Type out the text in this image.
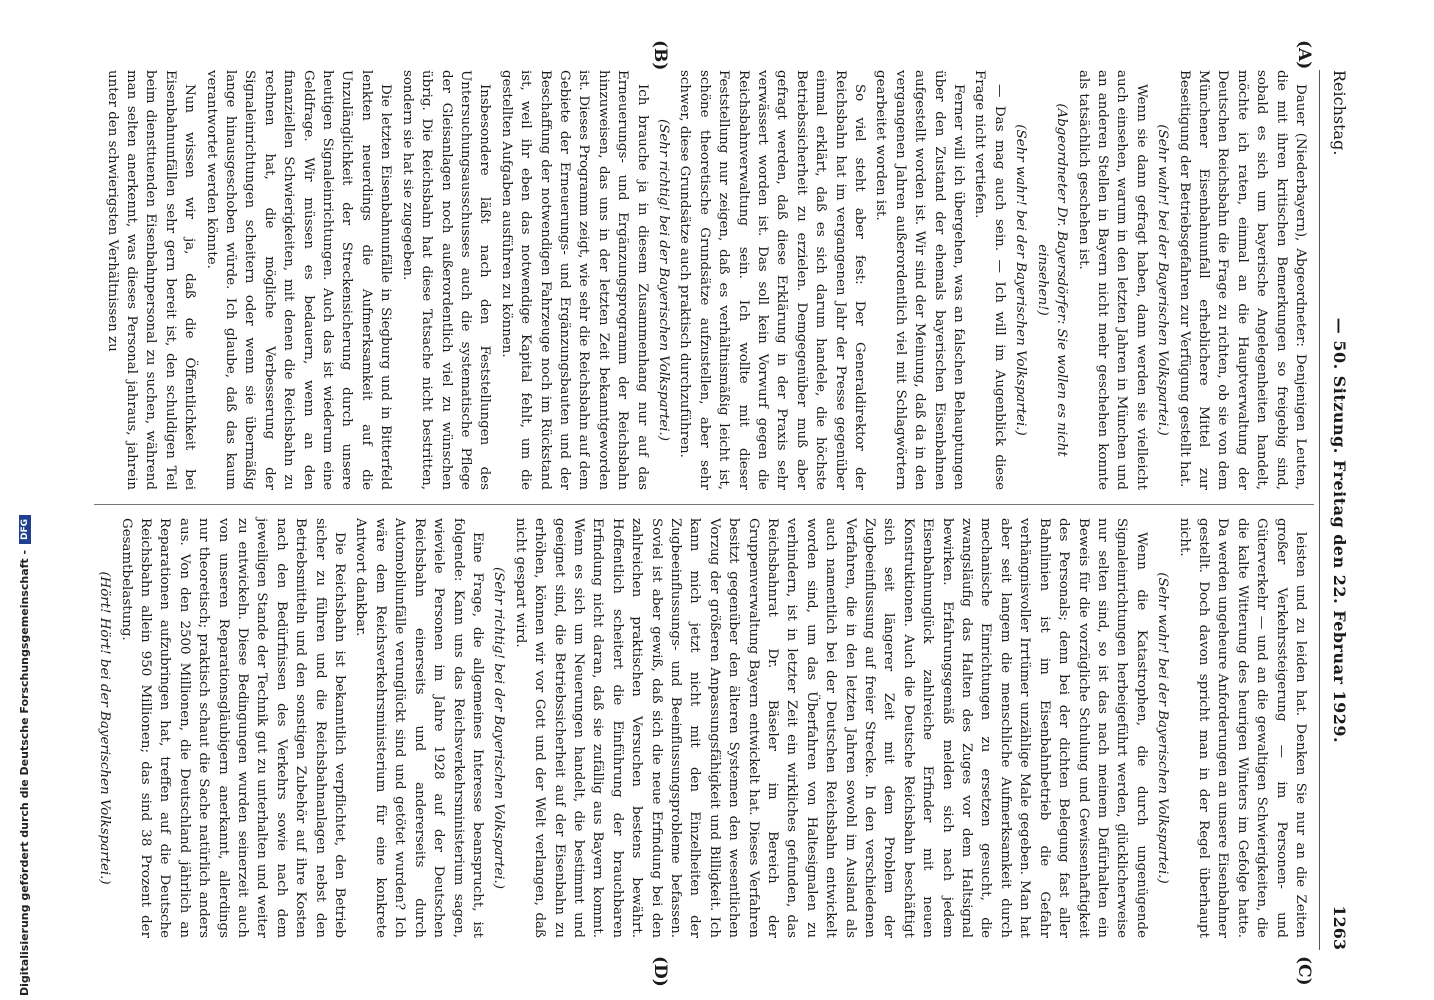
Reichstag.
— 50. Sitzung. Freitag den 22. Februar 1929.
1263
(A)
(B)
(C)
(D)

Dauer (Niederbayern), Abgeordneter: Denjenigen Leuten, die mit ihren kritischen Bemerkungen so freigebig sind, sobald es sich um bayerische Angelegenheiten handelt, möchte ich raten, einmal an die Hauptverwaltung der Deutschen Reichsbahn die Frage zu richten, ob sie von dem Münchener Eisenbahnunfall erheblichere Mittel zur Beseitigung der Betriebsgefahren zur Verfügung gestellt hat.

(Sehr wahr! bei der Bayerischen Volkspartei.)

Wenn sie dann gefragt haben, dann werden sie vielleicht auch einsehen, warum in den letzten Jahren in München und an anderen Stellen in Bayern nicht mehr geschehen konnte als tatsächlich geschehen ist.

(Abgeordneter Dr. Bayersdörfer: Sie wollen es nicht einsehen!)

(Sehr wahr! bei der Bayerischen Volkspartei.)

— Das mag auch sein. — Ich will im Augenblick diese Frage nicht vertiefen.

Ferner will ich übergehen, was an falschen Behauptungen über den Zustand der ehemals bayerischen Eisenbahnen aufgestellt worden ist. Wir sind der Meinung, daß da in den vergangenen Jahren außerordentlich viel mit Schlagwörtern gearbeitet worden ist.

So viel steht aber fest: Der Generaldirektor der Reichsbahn hat im vergangenen Jahr der Presse gegenüber einmal erklärt, daß es sich darum handele, die höchste Betriebssicherheit zu erzielen. Demgegenüber muß aber gefragt werden, daß diese Erklärung in der Praxis sehr verwässert worden ist. Das soll kein Vorwurf gegen die Reichsbahnverwaltung sein. Ich wollte mit dieser Feststellung nur zeigen, daß es verhältnismäßig leicht ist, schöne theoretische Grundsätze aufzustellen, aber sehr schwer, diese Grundsätze auch praktisch durchzuführen.

(Sehr richtig! bei der Bayerischen Volkspartei.)

Ich brauche ja in diesem Zusammenhang nur auf das Erneuerungs- und Ergänzungsprogramm der Reichsbahn hinzuweisen, das uns in der letzten Zeit bekanntgeworden ist. Dieses Programm zeigt, wie sehr die Reichsbahn auf dem Gebiete der Erneuerungs- und Ergänzungsbauten und der Beschaffung der notwendigen Fahrzeuge noch im Rückstand ist, weil ihr eben das notwendige Kapital fehlt, um die gestellten Aufgaben ausführen zu können.

Insbesondere läßt nach den Feststellungen des Untersuchungsausschusses auch die systematische Pflege der Gleisanlagen noch außerordentlich viel zu wünschen übrig. Die Reichsbahn hat diese Tatsache nicht bestritten, sondern sie hat sie zugegeben.

Die letzten Eisenbahnunfälle in Siegburg und in Bitterfeld lenkten neuerdings die Aufmerksamkeit auf die Unzulänglichkeit der Streckensicherung durch unsere heutigen Signaleinrichtungen. Auch das ist wiederum eine Geldfrage. Wir müssen es bedauern, wenn an den finanziellen Schwierigkeiten, mit denen die Reichsbahn zu rechnen hat, die mögliche Verbesserung der Signaleinrichtungen scheitern oder wenn sie übermäßig lange hinausgeschoben würde. Ich glaube, daß das kaum verantwortet werden könnte.

Nun wissen wir ja, daß die Öffentlichkeit bei Eisenbahnunfällen sehr gern bereit ist, den schuldigen Teil beim diensttuenden Eisenbahnpersonal zu suchen, während man selten anerkennt, was dieses Personal jahraus, jahrein unter den schwierigsten Verhältnissen zu

leisten und zu leiden hat. Denken Sie nur an die Zeiten großer Verkehrssteigerung — im Personen- und Güterverkehr — und an die gewaltigen Schwierigkeiten, die die kalte Witterung des heurigen Winters im Gefolge hatte. Da werden ungeheure Anforderungen an unsere Eisenbahner gestellt. Doch davon spricht man in der Regel überhaupt nicht.

(Sehr wahr! bei der Bayerischen Volkspartei.)

Wenn die Katastrophen, die durch ungenügende Signaleinrichtungen herbeigeführt werden, glücklicherweise nur selten sind, so ist das nach meinem Dafürhalten ein Beweis für die vorzügliche Schulung und Gewissenhaftigkeit des Personals; denn bei der dichten Belegung fast aller Bahnlinien ist im Eisenbahnbetrieb die Gefahr verhängnisvoller Irrtümer unzählige Male gegeben. Man hat aber seit langem die menschliche Aufmerksamkeit durch mechanische Einrichtungen zu ersetzen gesucht, die zwangsläufig das Halten des Zuges vor dem Haltsignal bewirken. Erfahrungsgemäß melden sich nach jedem Eisenbahnunglück zahlreiche Erfinder mit neuen Konstruktionen. Auch die Deutsche Reichsbahn beschäftigt sich seit längerer Zeit mit dem Problem der Zugbeeinflussung auf freier Strecke. In den verschiedenen Verfahren, die in den letzten Jahren sowohl im Ausland als auch namentlich bei der Deutschen Reichsbahn entwickelt worden sind, um das Überfahren von Haltesignalen zu verhindern, ist in letzter Zeit ein wirkliches gefunden, das Reichsbahnrat Dr. Bäseler im Bereich der Gruppenverwaltung Bayern entwickelt hat. Dieses Verfahren besitzt gegenüber den älteren Systemen den wesentlichen Vorzug der größeren Anpassungsfähigkeit und Billigkeit. Ich kann mich jetzt nicht mit den Einzelheiten der Zugbeeinflussungs- und Beeinflussungsprobleme befassen. Soviel ist aber gewiß, daß sich die neue Erfindung bei den zahlreichen praktischen Versuchen bestens bewährt. Hoffentlich scheitert die Einführung der brauchbaren Erfindung nicht daran, daß sie zufällig aus Bayern kommt. Wenn es sich um Neuerungen handelt, die bestimmt und geeignet sind, die Betriebssicherheit auf der Eisenbahn zu erhöhen, können wir vor Gott und der Welt verlangen, daß nicht gespart wird.

(Sehr richtig! bei der Bayerischen Volkspartei.)

Eine Frage, die allgemeines Interesse beansprucht, ist folgende: Kann uns das Reichsverkehrsministerium sagen, wieviele Personen im Jahre 1928 auf der Deutschen Reichsbahn einerseits und andererseits durch Automobilunfälle verunglückt sind und getötet wurden? Ich wäre dem Reichsverkehrsministerium für eine konkrete Antwort dankbar.

Die Reichsbahn ist bekanntlich verpflichtet, den Betrieb sicher zu führen und die Reichsbahnanlagen nebst den Betriebsmitteln und den sonstigen Zubehör auf ihre Kosten nach den Bedürfnissen des Verkehrs sowie nach dem jeweiligen Stande der Technik gut zu unterhalten und weiter zu entwickeln. Diese Bedingungen wurden seinerzeit auch von unseren Reparationsgläubigern anerkannt, allerdings nur theoretisch; praktisch schaut die Sache natürlich anders aus. Von den 2500 Millionen, die Deutschland jährlich an Reparationen aufzubringen hat, treffen auf die Deutsche Reichsbahn allein 950 Millionen; das sind 38 Prozent der Gesamtbelastung.

(Hört! Hört! bei der Bayerischen Volkspartei.)

Digitalisierung gefördert durch die Deutsche Forschungsgemeinschaft -
DFG
